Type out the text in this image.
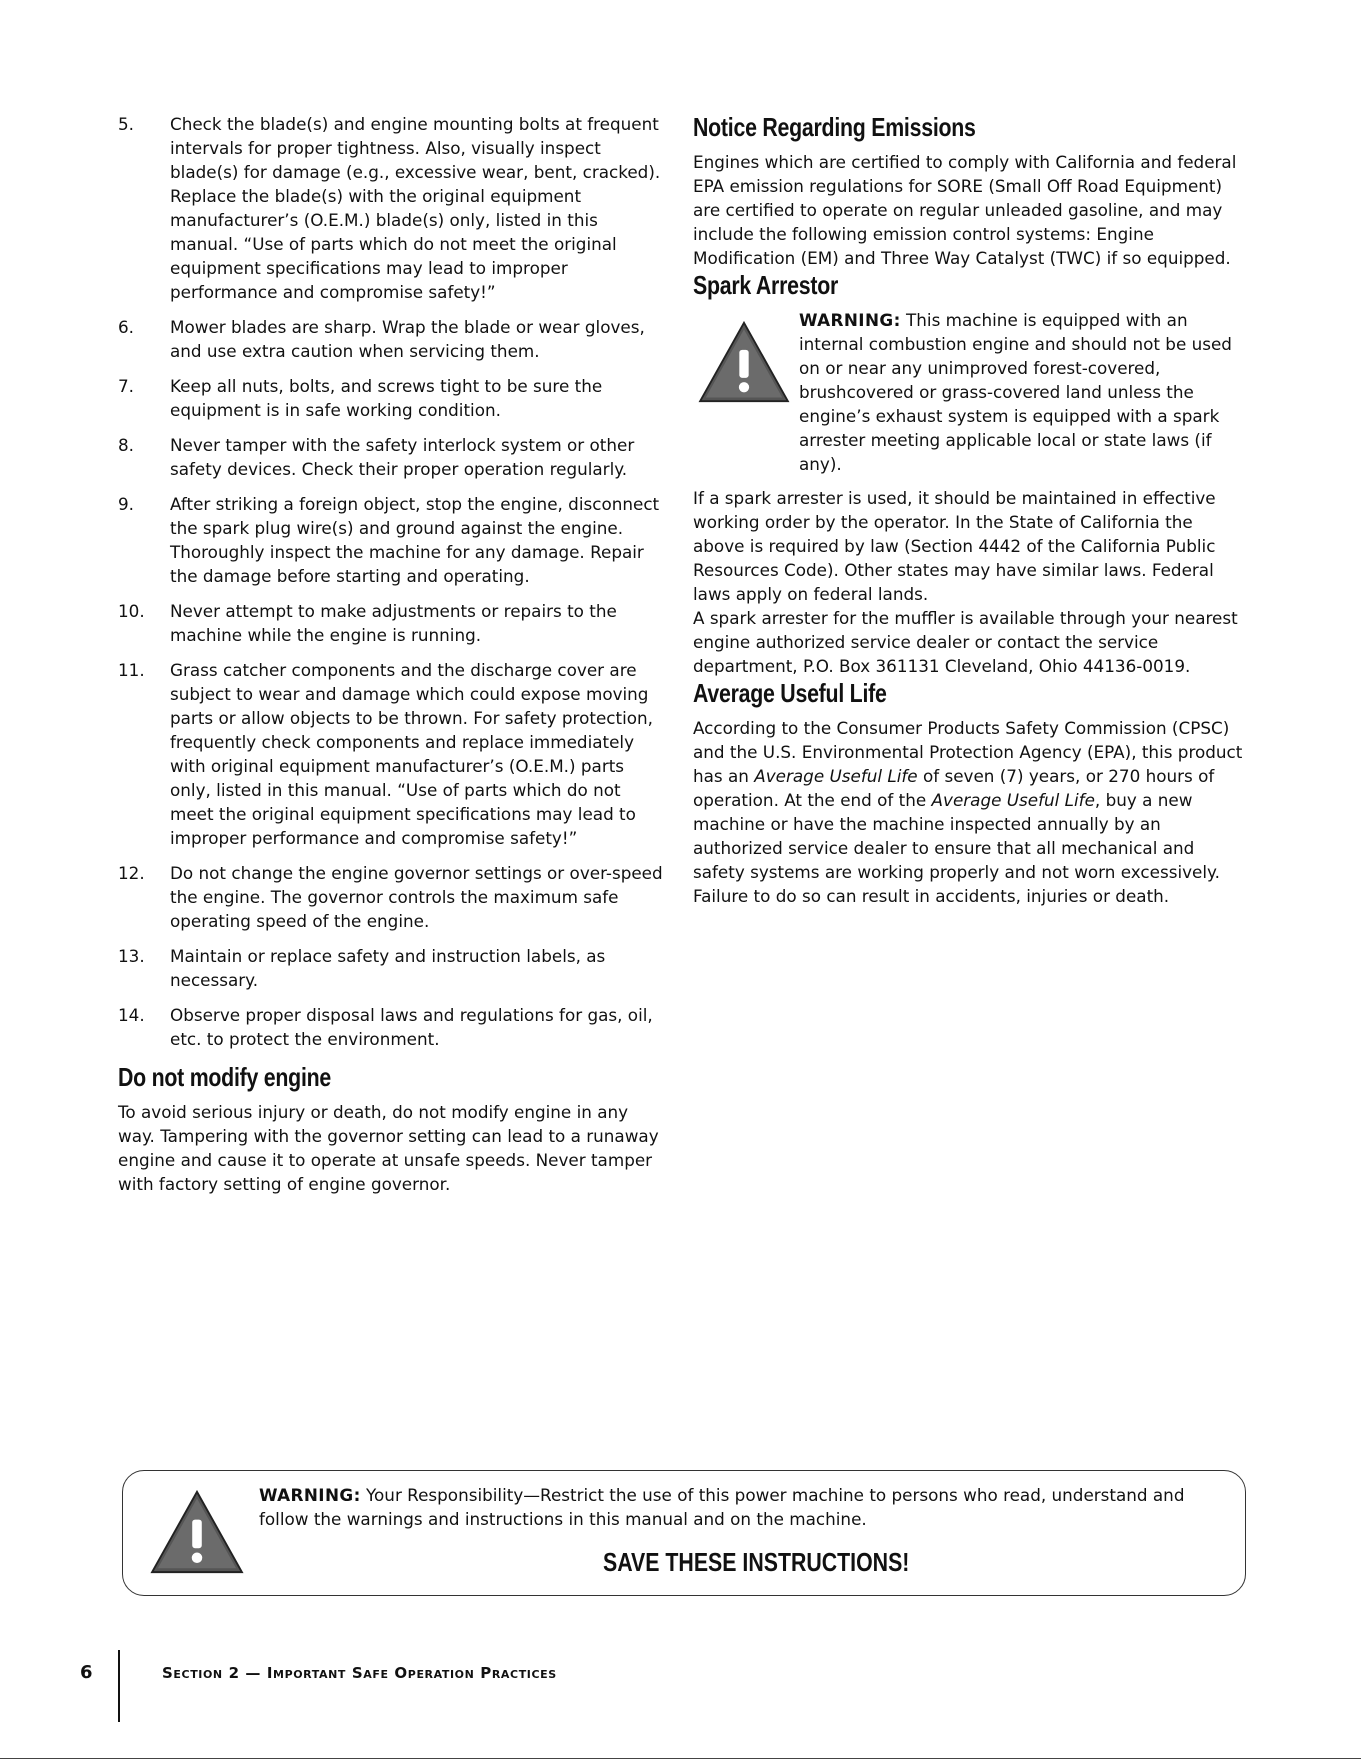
5. Check the blade(s) and engine mounting bolts at frequent intervals for proper tightness. Also, visually inspect blade(s) for damage (e.g., excessive wear, bent, cracked). Replace the blade(s) with the original equipment manufacturer’s (O.E.M.) blade(s) only, listed in this manual. “Use of parts which do not meet the original equipment specifications may lead to improper performance and compromise safety!”
6. Mower blades are sharp. Wrap the blade or wear gloves, and use extra caution when servicing them.
7. Keep all nuts, bolts, and screws tight to be sure the equipment is in safe working condition.
8. Never tamper with the safety interlock system or other safety devices. Check their proper operation regularly.
9. After striking a foreign object, stop the engine, disconnect the spark plug wire(s) and ground against the engine. Thoroughly inspect the machine for any damage. Repair the damage before starting and operating.
10. Never attempt to make adjustments or repairs to the machine while the engine is running.
11. Grass catcher components and the discharge cover are subject to wear and damage which could expose moving parts or allow objects to be thrown. For safety protection, frequently check components and replace immediately with original equipment manufacturer’s (O.E.M.) parts only, listed in this manual. “Use of parts which do not meet the original equipment specifications may lead to improper performance and compromise safety!”
12. Do not change the engine governor settings or over-speed the engine. The governor controls the maximum safe operating speed of the engine.
13. Maintain or replace safety and instruction labels, as necessary.
14. Observe proper disposal laws and regulations for gas, oil, etc. to protect the environment.
Do not modify engine

To avoid serious injury or death, do not modify engine in any way. Tampering with the governor setting can lead to a runaway engine and cause it to operate at unsafe speeds. Never tamper with factory setting of engine governor.

Notice Regarding Emissions

Engines which are certified to comply with California and federal EPA emission regulations for SORE (Small Off Road Equipment) are certified to operate on regular unleaded gasoline, and may include the following emission control systems: Engine Modification (EM) and Three Way Catalyst (TWC) if so equipped.

Spark Arrestor
WARNING: This machine is equipped with an internal combustion engine and should not be used on or near any unimproved forest-covered, brushcovered or grass-covered land unless the engine’s exhaust system is equipped with a spark arrester meeting applicable local or state laws (if any).

If a spark arrester is used, it should be maintained in effective working order by the operator. In the State of California the above is required by law (Section 4442 of the California Public Resources Code). Other states may have similar laws. Federal laws apply on federal lands.

A spark arrester for the muffler is available through your nearest engine authorized service dealer or contact the service department, P.O. Box 361131 Cleveland, Ohio 44136-0019.

Average Useful Life

According to the Consumer Products Safety Commission (CPSC) and the U.S. Environmental Protection Agency (EPA), this product has an Average Useful Life of seven (7) years, or 270 hours of operation. At the end of the Average Useful Life, buy a new machine or have the machine inspected annually by an authorized service dealer to ensure that all mechanical and safety systems are working properly and not worn excessively. Failure to do so can result in accidents, injuries or death.

WARNING: Your Responsibility—Restrict the use of this power machine to persons who read, understand and follow the warnings and instructions in this manual and on the machine.
SAVE THESE INSTRUCTIONS!
6	Section 2 — Important Safe Operation Practices
